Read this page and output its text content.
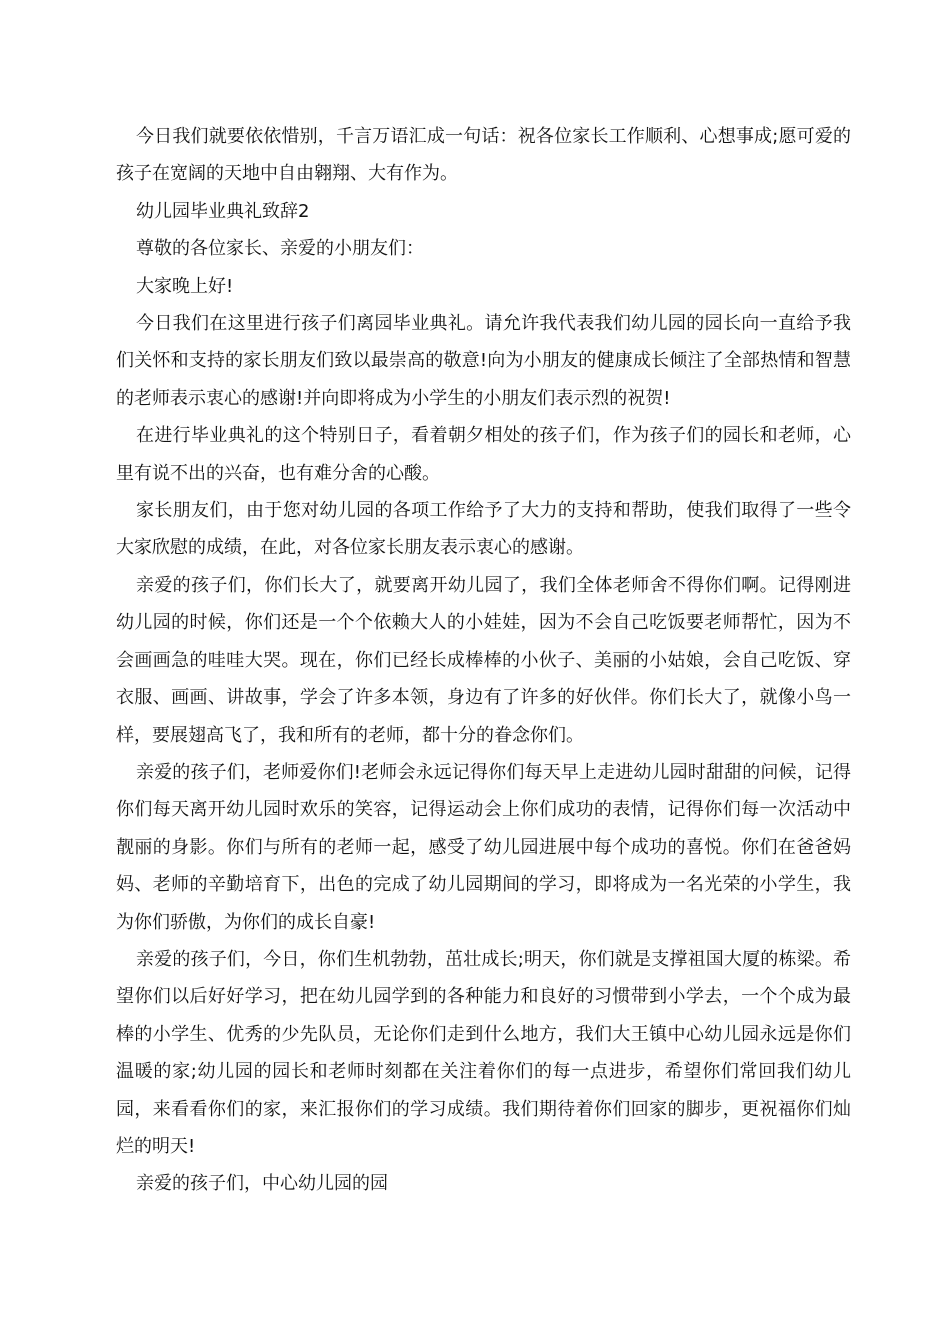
今日我们就要依依惜别，千言万语汇成一句话：祝各位家长工作顺利、心想事成;愿可爱的孩子在宽阔的天地中自由翱翔、大有作为。

幼儿园毕业典礼致辞2

尊敬的各位家长、亲爱的小朋友们：

大家晚上好!

今日我们在这里进行孩子们离园毕业典礼。请允许我代表我们幼儿园的园长向一直给予我们关怀和支持的家长朋友们致以最崇高的敬意!向为小朋友的健康成长倾注了全部热情和智慧的老师表示衷心的感谢!并向即将成为小学生的小朋友们表示烈的祝贺!

在进行毕业典礼的这个特别日子，看着朝夕相处的孩子们，作为孩子们的园长和老师，心里有说不出的兴奋，也有难分舍的心酸。

家长朋友们，由于您对幼儿园的各项工作给予了大力的支持和帮助，使我们取得了一些令大家欣慰的成绩，在此，对各位家长朋友表示衷心的感谢。

亲爱的孩子们，你们长大了，就要离开幼儿园了，我们全体老师舍不得你们啊。记得刚进幼儿园的时候，你们还是一个个依赖大人的小娃娃，因为不会自己吃饭要老师帮忙，因为不会画画急的哇哇大哭。现在，你们已经长成棒棒的小伙子、美丽的小姑娘，会自己吃饭、穿衣服、画画、讲故事，学会了许多本领，身边有了许多的好伙伴。你们长大了，就像小鸟一样，要展翅高飞了，我和所有的老师，都十分的眷念你们。

亲爱的孩子们，老师爱你们!老师会永远记得你们每天早上走进幼儿园时甜甜的问候，记得你们每天离开幼儿园时欢乐的笑容，记得运动会上你们成功的表情，记得你们每一次活动中靓丽的身影。你们与所有的老师一起，感受了幼儿园进展中每个成功的喜悦。你们在爸爸妈妈、老师的辛勤培育下，出色的完成了幼儿园期间的学习，即将成为一名光荣的小学生，我为你们骄傲，为你们的成长自豪!

亲爱的孩子们，今日，你们生机勃勃，茁壮成长;明天，你们就是支撑祖国大厦的栋梁。希望你们以后好好学习，把在幼儿园学到的各种能力和良好的习惯带到小学去，一个个成为最棒的小学生、优秀的少先队员，无论你们走到什么地方，我们大王镇中心幼儿园永远是你们温暖的家;幼儿园的园长和老师时刻都在关注着你们的每一点进步，希望你们常回我们幼儿园，来看看你们的家，来汇报你们的学习成绩。我们期待着你们回家的脚步，更祝福你们灿烂的明天!

亲爱的孩子们，中心幼儿园的园
